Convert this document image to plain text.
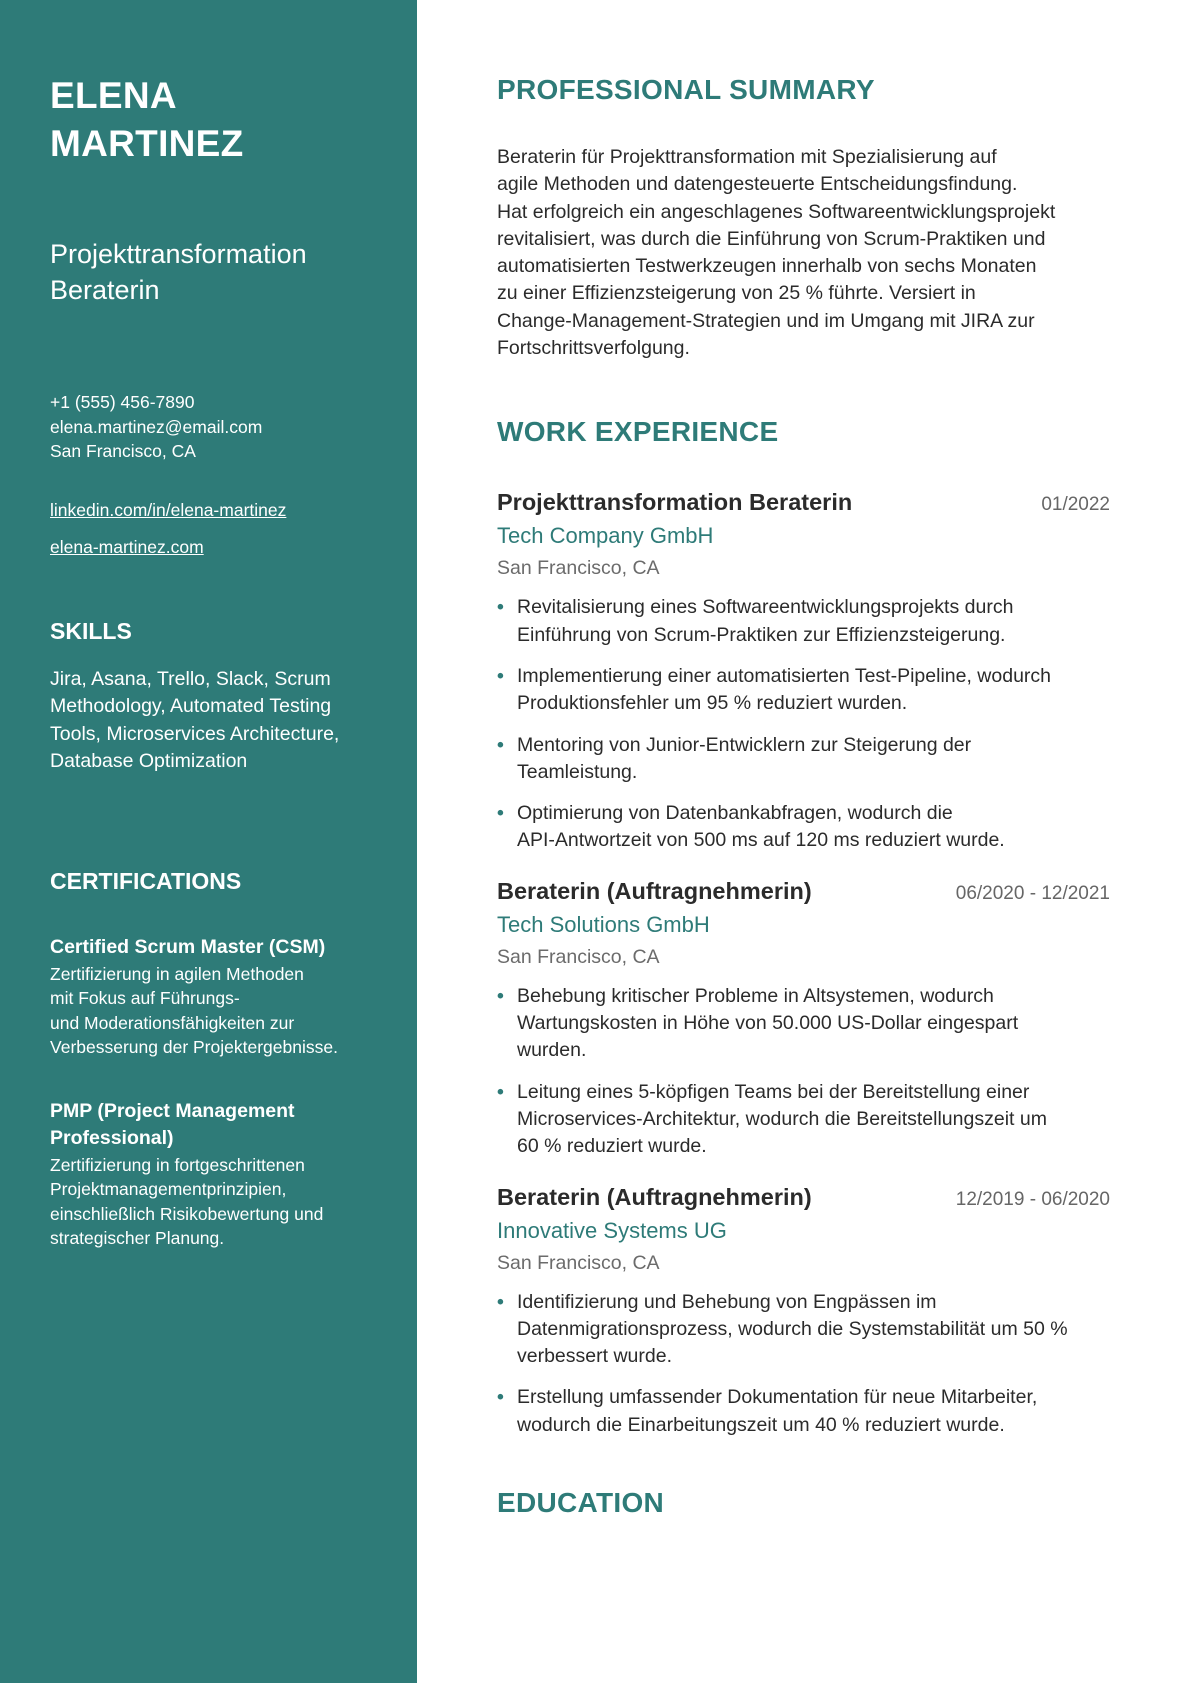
ELENA MARTINEZ
Projekttransformation
Beraterin
+1 (555) 456-7890
elena.martinez@email.com
San Francisco, CA
linkedin.com/in/elena-martinez
elena-martinez.com
SKILLS
Jira, Asana, Trello, Slack, Scrum
Methodology, Automated Testing
Tools, Microservices Architecture,
Database Optimization
CERTIFICATIONS
Certified Scrum Master (CSM)
Zertifizierung in agilen Methoden
mit Fokus auf Führungs-
und Moderationsfähigkeiten zur
Verbesserung der Projektergebnisse.
PMP (Project Management
Professional)
Zertifizierung in fortgeschrittenen
Projektmanagementprinzipien,
einschließlich Risikobewertung und
strategischer Planung.
PROFESSIONAL SUMMARY
Beraterin für Projekttransformation mit Spezialisierung auf
agile Methoden und datengesteuerte Entscheidungsfindung.
Hat erfolgreich ein angeschlagenes Softwareentwicklungsprojekt
revitalisiert, was durch die Einführung von Scrum-Praktiken und
automatisierten Testwerkzeugen innerhalb von sechs Monaten
zu einer Effizienzsteigerung von 25 % führte. Versiert in
Change-Management-Strategien und im Umgang mit JIRA zur
Fortschrittsverfolgung.
WORK EXPERIENCE
Projekttransformation Beraterin	01/2022
Tech Company GmbH
San Francisco, CA
• Revitalisierung eines Softwareentwicklungsprojekts durch
Einführung von Scrum-Praktiken zur Effizienzsteigerung.
• Implementierung einer automatisierten Test-Pipeline, wodurch
Produktionsfehler um 95 % reduziert wurden.
• Mentoring von Junior-Entwicklern zur Steigerung der
Teamleistung.
• Optimierung von Datenbankabfragen, wodurch die
API-Antwortzeit von 500 ms auf 120 ms reduziert wurde.
Beraterin (Auftragnehmerin)	06/2020 - 12/2021
Tech Solutions GmbH
San Francisco, CA
• Behebung kritischer Probleme in Altsystemen, wodurch
Wartungskosten in Höhe von 50.000 US-Dollar eingespart
wurden.
• Leitung eines 5-köpfigen Teams bei der Bereitstellung einer
Microservices-Architektur, wodurch die Bereitstellungszeit um
60 % reduziert wurde.
Beraterin (Auftragnehmerin)	12/2019 - 06/2020
Innovative Systems UG
San Francisco, CA
• Identifizierung und Behebung von Engpässen im
Datenmigrationsprozess, wodurch die Systemstabilität um 50 %
verbessert wurde.
• Erstellung umfassender Dokumentation für neue Mitarbeiter,
wodurch die Einarbeitungszeit um 40 % reduziert wurde.
EDUCATION
